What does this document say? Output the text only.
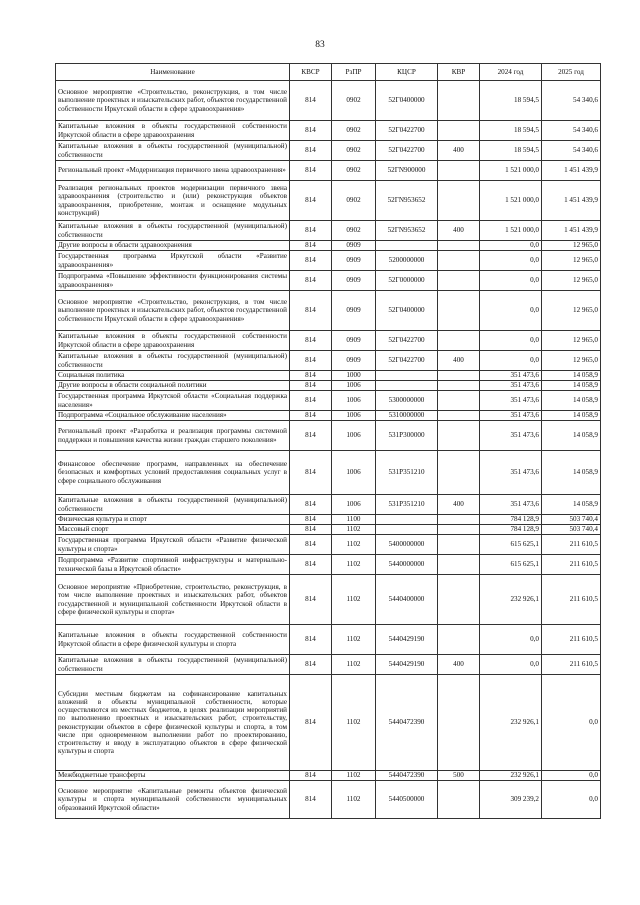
83
Наименование	КВСР	РзПР	КЦСР	КВР	2024 год	2025 год
Основное мероприятие «Строительство, реконструкция, в том числе выполнение проектных и изыскательских работ, объектов государственной собственности Иркутской области в сфере здравоохранения»	814	0902	52Г0400000		18 594,5	54 340,6
Капитальные вложения в объекты государственной собственности Иркутской области в сфере здравоохранения	814	0902	52Г0422700		18 594,5	54 340,6
Капитальные вложения в объекты государственной (муниципальной) собственности	814	0902	52Г0422700	400	18 594,5	54 340,6
Региональный проект «Модернизация первичного звена здравоохранения»	814	0902	52ГN900000		1 521 000,0	1 451 439,9
Реализация региональных проектов модернизации первичного звена здравоохранения (строительство и (или) реконструкция объектов здравоохранения, приобретение, монтаж и оснащение модульных конструкций)	814	0902	52ГN953652		1 521 000,0	1 451 439,9
Капитальные вложения в объекты государственной (муниципальной) собственности	814	0902	52ГN953652	400	1 521 000,0	1 451 439,9
Другие вопросы в области здравоохранения	814	0909			0,0	12 965,0
Государственная программа Иркутской области «Развитие здравоохранения»	814	0909	5200000000		0,0	12 965,0
Подпрограмма «Повышение эффективности функционирования системы здравоохранения»	814	0909	52Г0000000		0,0	12 965,0
Основное мероприятие «Строительство, реконструкция, в том числе выполнение проектных и изыскательских работ, объектов государственной собственности Иркутской области в сфере здравоохранения»	814	0909	52Г0400000		0,0	12 965,0
Капитальные вложения в объекты государственной собственности Иркутской области в сфере здравоохранения	814	0909	52Г0422700		0,0	12 965,0
Капитальные вложения в объекты государственной (муниципальной) собственности	814	0909	52Г0422700	400	0,0	12 965,0
Социальная политика	814	1000			351 473,6	14 058,9
Другие вопросы в области социальной политики	814	1006			351 473,6	14 058,9
Государственная программа Иркутской области «Социальная поддержка населения»	814	1006	5300000000		351 473,6	14 058,9
Подпрограмма «Социальное обслуживание населения»	814	1006	5310000000		351 473,6	14 058,9
Региональный проект «Разработка и реализация программы системной поддержки и повышения качества жизни граждан старшего поколения»	814	1006	531P300000		351 473,6	14 058,9
Финансовое обеспечение программ, направленных на обеспечение безопасных и комфортных условий предоставления социальных услуг в сфере социального обслуживания	814	1006	531P351210		351 473,6	14 058,9
Капитальные вложения в объекты государственной (муниципальной) собственности	814	1006	531P351210	400	351 473,6	14 058,9
Физическая культура и спорт	814	1100			784 128,9	503 740,4
Массовый спорт	814	1102			784 128,9	503 740,4
Государственная программа Иркутской области «Развитие физической культуры и спорта»	814	1102	5400000000		615 625,1	211 610,5
Подпрограмма «Развитие спортивной инфраструктуры и материально- технической базы в Иркутской области»	814	1102	5440000000		615 625,1	211 610,5
Основное мероприятие «Приобретение, строительство, реконструкция, в том числе выполнение проектных и изыскательских работ, объектов государственной и муниципальной собственности Иркутской области в сфере физической культуры и спорта»	814	1102	5440400000		232 926,1	211 610,5
Капитальные вложения в объекты государственной собственности Иркутской области в сфере физической культуры и спорта	814	1102	5440429190		0,0	211 610,5
Капитальные вложения в объекты государственной (муниципальной) собственности	814	1102	5440429190	400	0,0	211 610,5
Субсидии местным бюджетам на софинансирование капитальных вложений в объекты муниципальной собственности, которые осуществляются из местных бюджетов, в целях реализации мероприятий по выполнению проектных и изыскательских работ, строительству, реконструкции объектов в сфере физической культуры и спорта, в том числе при одновременном выполнении работ по проектированию, строительству и вводу в эксплуатацию объектов в сфере физической культуры и спорта	814	1102	5440472390		232 926,1	0,0
Межбюджетные трансферты	814	1102	5440472390	500	232 926,1	0,0
Основное мероприятие «Капитальные ремонты объектов физической культуры и спорта муниципальной собственности муниципальных образований Иркутской области»	814	1102	5440500000		309 239,2	0,0
